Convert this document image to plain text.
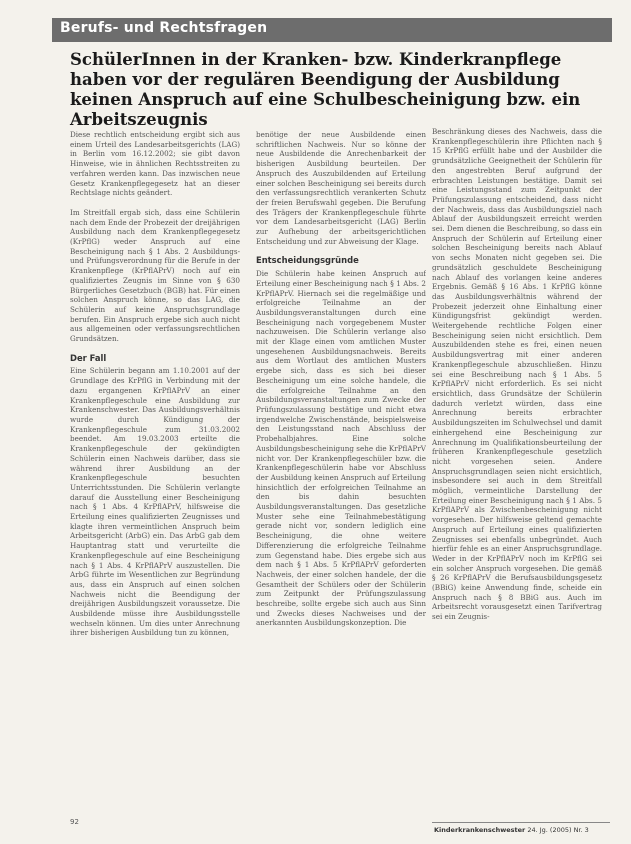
Berufs- und Rechtsfragen
SchülerInnen in der Kranken- bzw. Kinderkranpflege haben vor der regulären Beendigung der Ausbildung keinen Anspruch auf eine Schulbescheinigung bzw. ein Arbeitszeugnis

Diese rechtlich entscheidung ergibt sich aus einem Urteil des Landesarbeitsgerichts (LAG) in Berlin vom 16.12.2002; sie gibt davon Hinweise, wie in ähnlichen Rechtsstreiten zu verfahren werden kann. Das inzwischen neue Gesetz Krankenpflegegesetz hat an dieser Rechtslage nichts geändert.

Im Streitfall ergab sich, dass eine Schülerin nach dem Ende der Probezeit der dreijährigen Ausbildung nach dem Krankenpflegegesetz (KrPflG) weder Anspruch auf eine Bescheinigung nach § 1 Abs. 2 Ausbildungs- und Prüfungsverordnung für die Berufe in der Krankenpflege (KrPflAPrV) noch auf ein qualifiziertes Zeugnis im Sinne von § 630 Bürgerliches Gesetzbuch (BGB) hat. Für einen solchen Anspruch könne, so das LAG, die Schülerin auf keine Anspruchsgrundlage berufen. Ein Anspruch ergebe sich auch nicht aus allgemeinen oder verfassungsrechtlichen Grundsätzen.

Der Fall

Eine Schülerin begann am 1.10.2001 auf der Grundlage des KrPflG in Verbindung mit der dazu ergangenen KrPflAPrV an einer Krankenpflegeschule eine Ausbildung zur Krankenschwester. Das Ausbildungsverhältnis wurde durch Kündigung der Krankenpflegeschule zum 31.03.2002 beendet. Am 19.03.2003 erteilte die Krankenpflegeschule der gekündigten Schülerin einen Nachweis darüber, dass sie während ihrer Ausbildung an der Krankenpflegeschule besuchten Unterrichtsstunden. Die Schülerin verlangte darauf die Ausstellung einer Bescheinigung nach § 1 Abs. 4 KrPflAPrV, hilfsweise die Erteilung eines qualifizierten Zeugnisses und klagte ihren vermeintlichen Anspruch beim Arbeitsgericht (ArbG) ein. Das ArbG gab dem Hauptantrag statt und verurteilte die Krankenpflegeschule auf eine Bescheinigung nach § 1 Abs. 4 KrPflAPrV auszustellen. Die ArbG führte im Wesentlichen zur Begründung aus, dass ein Anspruch auf einen solchen Nachweis nicht die Beendigung der dreijährigen Ausbildungszeit voraussetze. Die Ausbildende müsse ihre Ausbildungsstelle wechseln können. Um dies unter Anrechnung ihrer bisherigen Ausbildung tun zu können,

benötige der neue Ausbildende einen schriftlichen Nachweis. Nur so könne der neue Ausbildende die Anrechenbarkeit der bisherigen Ausbildung beurteilen. Der Anspruch des Auszubildenden auf Erteilung einer solchen Bescheinigung sei bereits durch den verfassungsrechtlich verankerten Schutz der freien Berufswahl gegeben. Die Berufung des Trägers der Krankenpflegeschule führte vor dem Landesarbeitsgericht (LAG) Berlin zur Aufhebung der arbeitsgerichtlichen Entscheidung und zur Abweisung der Klage.

Entscheidungsgründe

Die Schülerin habe keinen Anspruch auf Erteilung einer Bescheinigung nach § 1 Abs. 2 KrPflAPrV. Hiernach sei die regelmäßige und erfolgreiche Teilnahme an der Ausbildungsveranstaltungen durch eine Bescheinigung nach vorgegebenem Muster nachzuweisen. Die Schülerin verlange also mit der Klage einen vom amtlichen Muster ungesehenen Ausbildungsnachweis. Bereits aus dem Wortlaut des amtlichen Musters ergebe sich, dass es sich bei dieser Bescheinigung um eine solche handele, die die erfolgreiche Teilnahme an den Ausbildungsveranstaltungen zum Zwecke der Prüfungszulassung bestätige und nicht etwa irgendwelche Zwischenstände, beispielsweise den Leistungsstand nach Abschluss der Probehalbjahres. Eine solche Ausbildungsbescheinigung sehe die KrPflAPrV nicht vor. Der Krankenpflegeschüler bzw. die Krankenpflegeschülerin habe vor Abschluss der Ausbildung keinen Anspruch auf Erteilung hinsichtlich der erfolgreichen Teilnahme an den bis dahin besuchten Ausbildungsveranstaltungen. Das gesetzliche Muster sehe eine Teilnahmebestätigung gerade nicht vor, sondern lediglich eine Bescheinigung, die ohne weitere Differenzierung die erfolgreiche Teilnahme zum Gegenstand habe. Dies ergebe sich aus dem nach § 1 Abs. 5 KrPflAPrV geforderten Nachweis, der einer solchen handele, der die Gesamtheit der Schülers oder der Schülerin zum Zeitpunkt der Prüfungszulassung beschreibe, sollte ergebe sich auch aus Sinn und Zwecks dieses Nachweises und der anerkannten Ausbildungskonzeption. Die

Beschränkung dieses des Nachweis, dass die Krankenpflegeschülerin ihre Pflichten nach § 15 KrPflG erfüllt habe und der Ausbilder die grundsätzliche Geeignetheit der Schülerin für den angestrebten Beruf aufgrund der erbrachten Leistungen bestätige. Damit sei eine Leistungsstand zum Zeitpunkt der Prüfungszulassung entscheidend, dass nicht der Nachweis, dass das Ausbildungsziel nach Ablauf der Ausbildungszeit erreicht werden sei. Dem dienen die Beschreibung, so dass ein Anspruch der Schülerin auf Erteilung einer solchen Bescheinigung bereits nach Ablauf von sechs Monaten nicht gegeben sei. Die grundsätzlich geschuldete Bescheinigung nach Ablauf des vorlangen keine anderes Ergebnis. Gemäß § 16 Abs. 1 KrPflG könne das Ausbildungsverhältnis während der Probezeit jederzeit ohne Einhaltung einer Kündigungsfrist gekündigt werden. Weitergehende rechtliche Folgen einer Bescheinigung seien nicht ersichtlich. Dem Auszubildenden stehe es frei, einen neuen Ausbildungsvertrag mit einer anderen Krankenpflegeschule abzuschließen. Hinzu sei eine Beschreibung nach § 1 Abs. 5 KrPflAPrV nicht erforderlich. Es sei nicht ersichtlich, dass Grundsätze der Schülerin dadurch verletzt würden, dass eine Anrechnung bereits erbrachter Ausbildungszeiten im Schulwechsel und damit einhergehend eine Bescheinigung zur Anrechnung im Qualifikationsbeurteilung der früheren Krankenpflegeschule gesetzlich nicht vorgesehen seien. Andere Anspruchsgrundlagen seien nicht ersichtlich, insbesondere sei auch in dem Streitfall möglich, vermeintliche Darstellung der Erteilung einer Bescheinigung nach § 1 Abs. 5 KrPflAPrV als Zwischenbescheinigung nicht vorgesehen. Der hilfsweise geltend gemachte Anspruch auf Erteilung eines qualifizierten Zeugnisses sei ebenfalls unbegründet. Auch hierfür fehle es an einer Anspruchsgrundlage. Weder in der KrPflAPrV noch im KrPflG sei ein solcher Anspruch vorgesehen. Die gemäß § 26 KrPflAPrV die Berufsausbildungsgesetz (BBiG) keine Anwendung finde, scheide ein Anspruch nach § 8 BBiG aus. Auch im Arbeitsrecht vorausgesetzt einen Tarifvertrag sei ein Zeugnis-

92
Kinderkrankenschwester 24. Jg. (2005) Nr. 3
